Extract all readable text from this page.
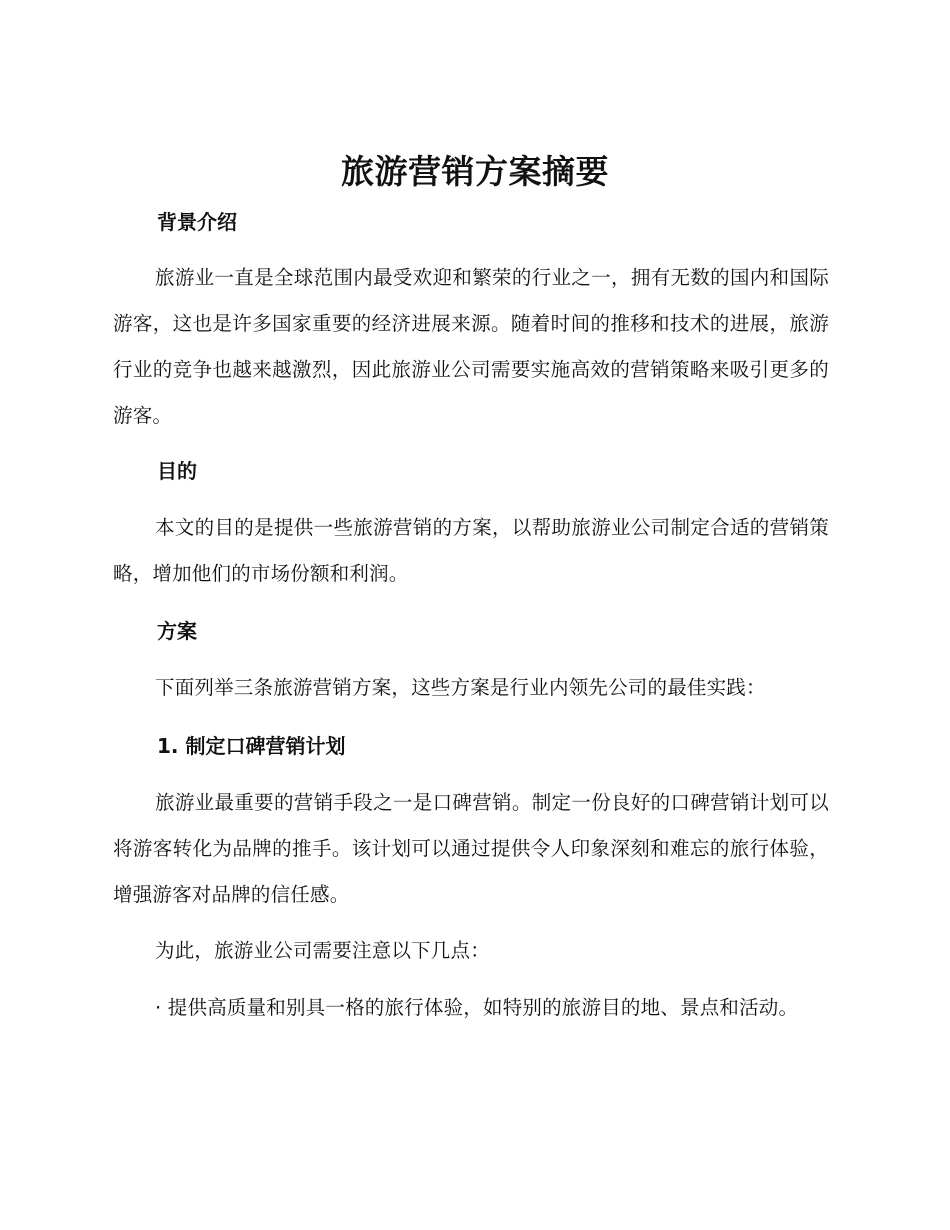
旅游营销方案摘要
背景介绍
旅游业一直是全球范围内最受欢迎和繁荣的行业之一，拥有无数的国内和国际游客，这也是许多国家重要的经济进展来源。随着时间的推移和技术的进展，旅游行业的竞争也越来越激烈，因此旅游业公司需要实施高效的营销策略来吸引更多的游客。
目的
本文的目的是提供一些旅游营销的方案，以帮助旅游业公司制定合适的营销策略，增加他们的市场份额和利润。
方案
下面列举三条旅游营销方案，这些方案是行业内领先公司的最佳实践：
1. 制定口碑营销计划
旅游业最重要的营销手段之一是口碑营销。制定一份良好的口碑营销计划可以将游客转化为品牌的推手。该计划可以通过提供令人印象深刻和难忘的旅行体验，增强游客对品牌的信任感。
为此，旅游业公司需要注意以下几点：
· 提供高质量和别具一格的旅行体验，如特别的旅游目的地、景点和活动。
